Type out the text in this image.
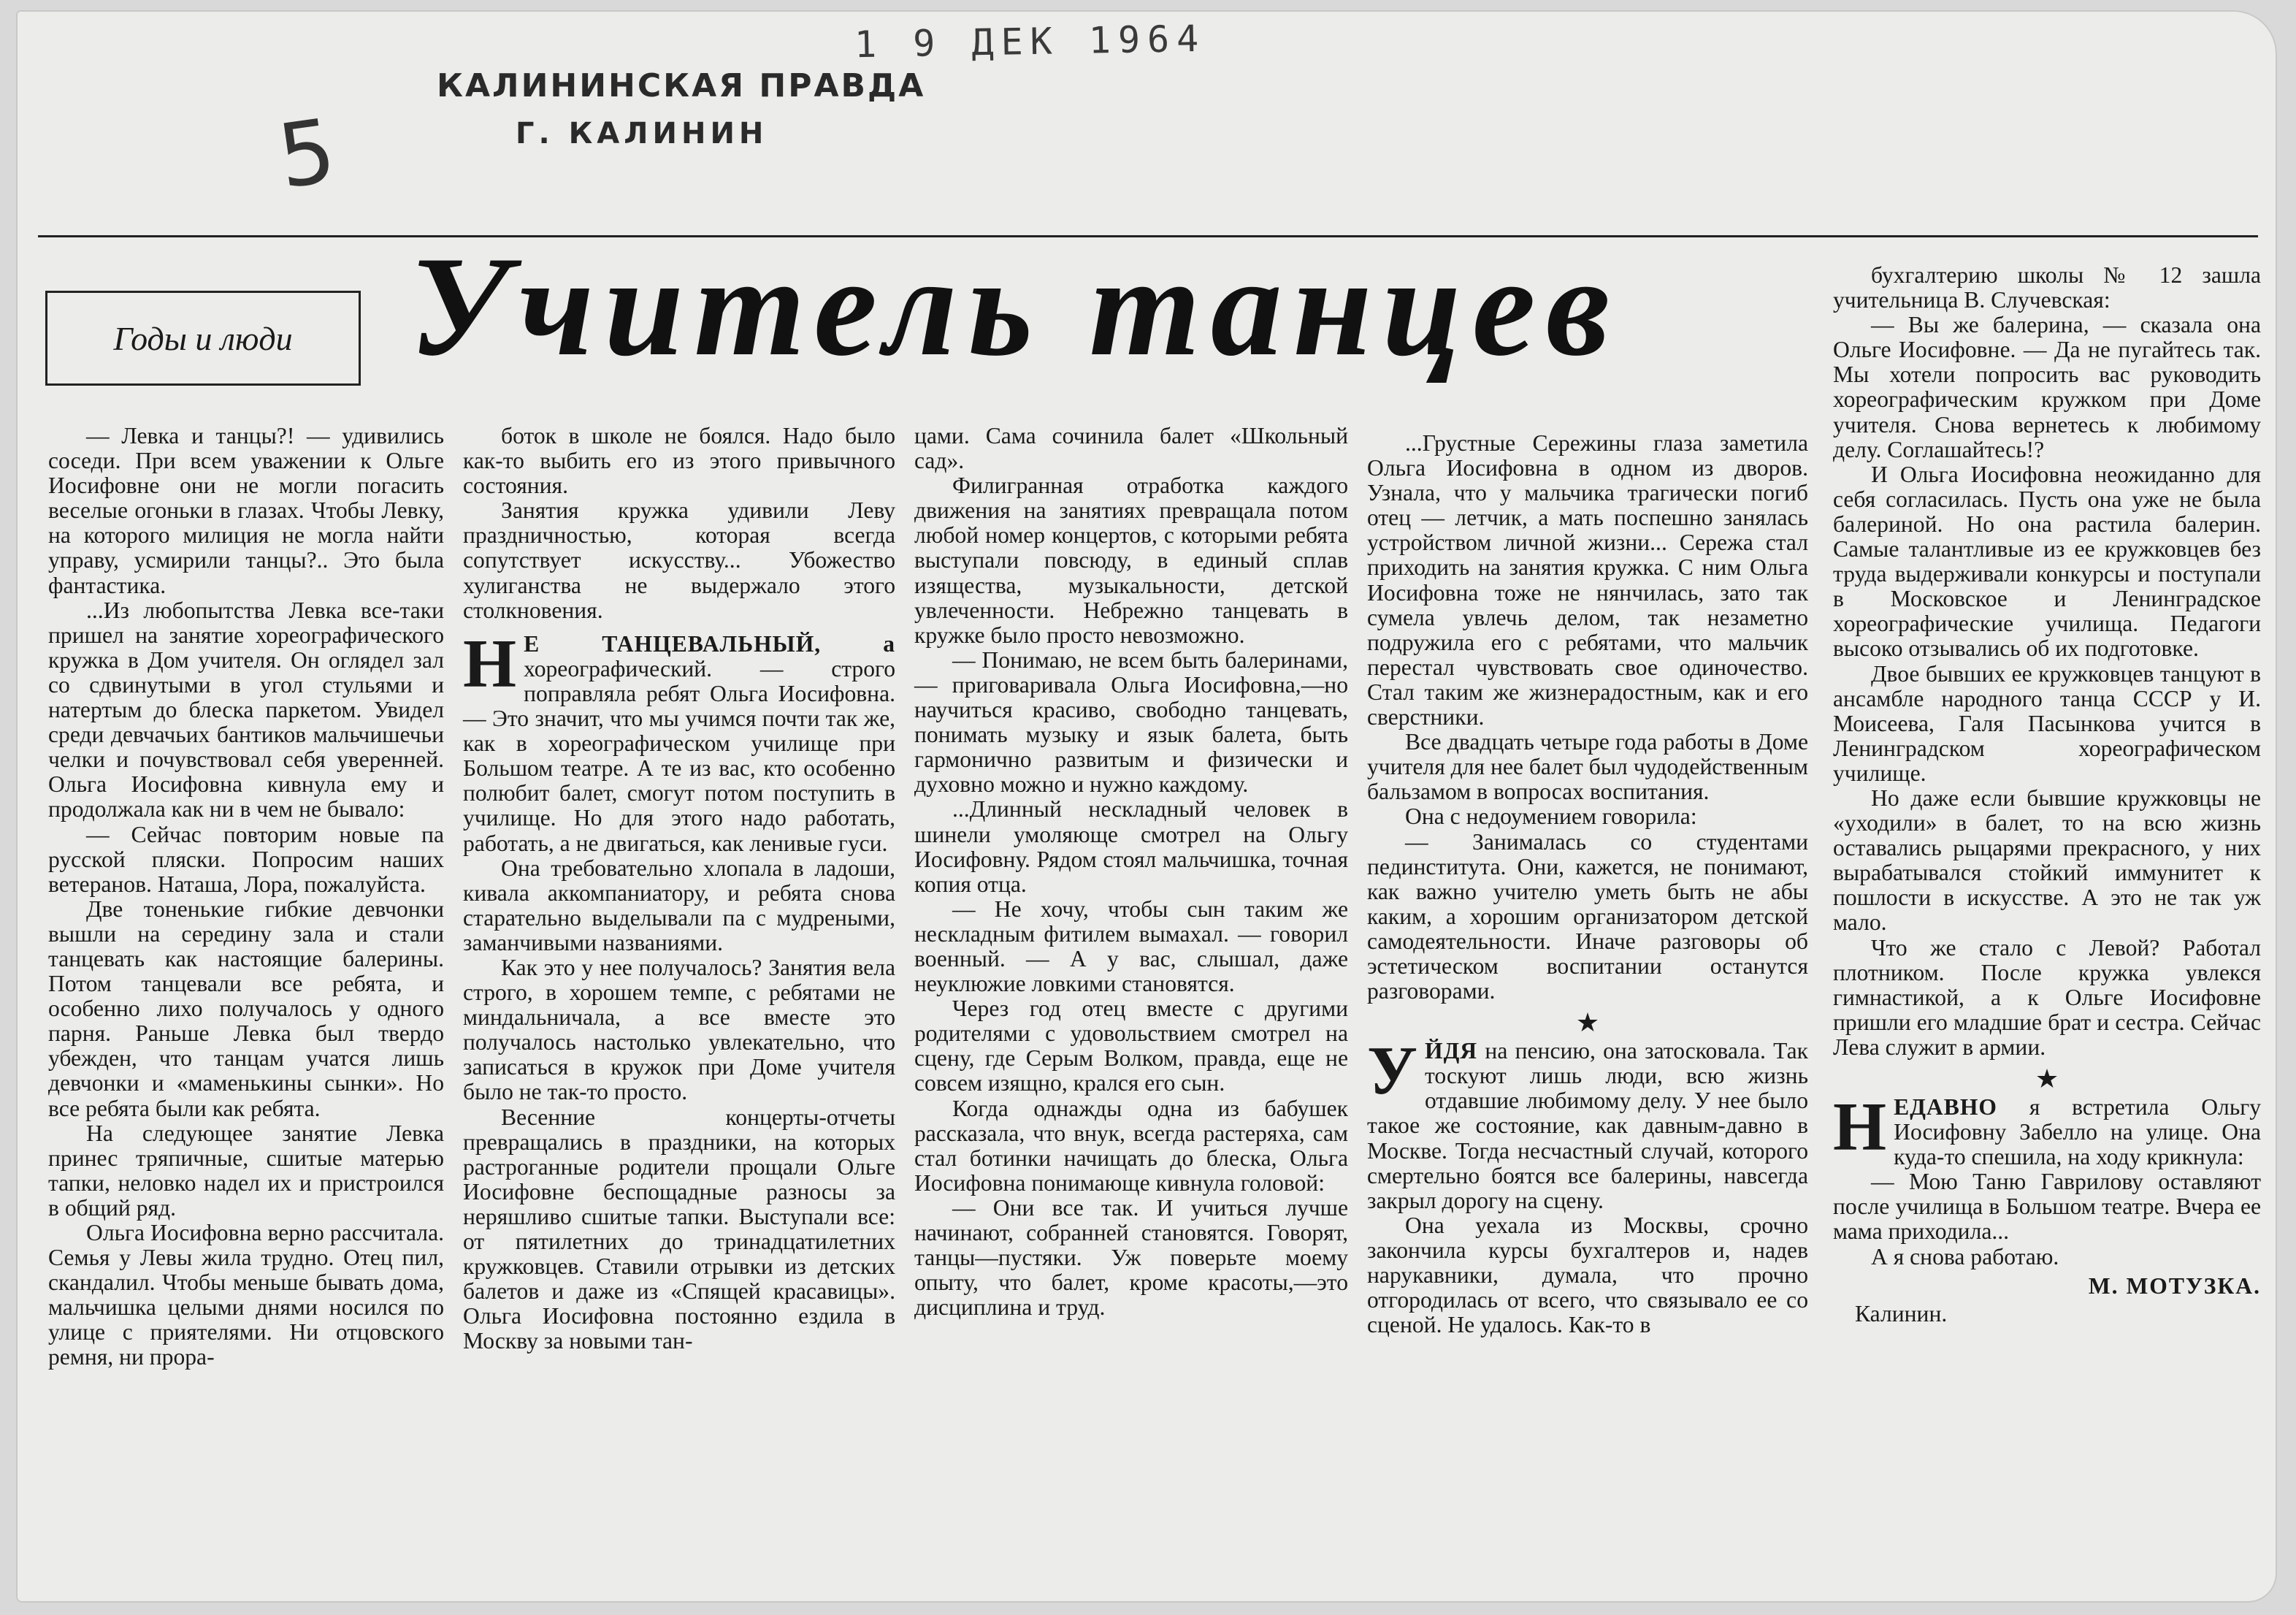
1 9 ДЕК 1964
КАЛИНИНСКАЯ ПРАВДА
Г. КАЛИНИН
5
Годы и люди Учитель танцев

— Левка и танцы?! — удивились соседи. При всем уважении к Ольге Иосифовне они не могли погасить веселые огоньки в глазах. Чтобы Левку, на которого милиция не могла найти управу, усмирили танцы?.. Это была фантастика.

...Из любопытства Левка все-таки пришел на занятие хореографического кружка в Дом учителя. Он оглядел зал со сдвинутыми в угол стульями и натертым до блеска паркетом. Увидел среди девчачьих бантиков мальчишечьи челки и почувствовал себя уверенней. Ольга Иосифовна кивнула ему и продолжала как ни в чем не бывало:

— Сейчас повторим новые па русской пляски. Попросим наших ветеранов. Наташа, Лора, пожалуйста.

Две тоненькие гибкие девчонки вышли на середину зала и стали танцевать как настоящие балерины. Потом танцевали все ребята, и особенно лихо получалось у одного парня. Раньше Левка был твердо убежден, что танцам учатся лишь девчонки и «маменькины сынки». Но все ребята были как ребята.

На следующее занятие Левка принес тряпичные, сшитые матерью тапки, неловко надел их и пристроился в общий ряд.

Ольга Иосифовна верно рассчитала. Семья у Левы жила трудно. Отец пил, скандалил. Чтобы меньше бывать дома, мальчишка целыми днями носился по улице с приятелями. Ни отцовского ремня, ни прора-

боток в школе не боялся. Надо было как-то выбить его из этого привычного состояния.

Занятия кружка удивили Леву праздничностью, которая всегда сопутствует искусству... Убожество хулиганства не выдержало этого столкновения.

Н Е ТАНЦЕВАЛЬНЫЙ, а хореографический. — строго поправляла ребят Ольга Иосифовна. — Это значит, что мы учимся почти так же, как в хореографическом училище при Большом театре. А те из вас, кто особенно полюбит балет, смогут потом поступить в училище. Но для этого надо работать, работать, а не двигаться, как ленивые гуси.

Она требовательно хлопала в ладоши, кивала аккомпаниатору, и ребята снова старательно выделывали па с мудреными, заманчивыми названиями.

Как это у нее получалось? Занятия вела строго, в хорошем темпе, с ребятами не миндальничала, а все вместе это получалось настолько увлекательно, что записаться в кружок при Доме учителя было не так-то просто.

Весенние концерты-отчеты превращались в праздники, на которых растроганные родители прощали Ольге Иосифовне беспощадные разносы за неряшливо сшитые тапки. Выступали все: от пятилетних до тринадцатилетних кружковцев. Ставили отрывки из детских балетов и даже из «Спящей красавицы». Ольга Иосифовна постоянно ездила в Москву за новыми тан-

цами. Сама сочинила балет «Школьный сад».

Филигранная отработка каждого движения на занятиях превращала потом любой номер концертов, с которыми ребята выступали повсюду, в единый сплав изящества, музыкальности, детской увлеченности. Небрежно танцевать в кружке было просто невозможно.

— Понимаю, не всем быть балеринами, — приговаривала Ольга Иосифовна,—но научиться красиво, свободно танцевать, понимать музыку и язык балета, быть гармонично развитым и физически и духовно можно и нужно каждому.

...Длинный нескладный человек в шинели умоляюще смотрел на Ольгу Иосифовну. Рядом стоял мальчишка, точная копия отца.

— Не хочу, чтобы сын таким же нескладным фитилем вымахал. — говорил военный. — А у вас, слышал, даже неуклюжие ловкими становятся.

Через год отец вместе с другими родителями с удовольствием смотрел на сцену, где Серым Волком, правда, еще не совсем изящно, крался его сын.

Когда однажды одна из бабушек рассказала, что внук, всегда растеряха, сам стал ботинки начищать до блеска, Ольга Иосифовна понимающе кивнула головой:

— Они все так. И учиться лучше начинают, собранней становятся. Говорят, танцы—пустяки. Уж поверьте моему опыту, что балет, кроме красоты,—это дисциплина и труд.

...Грустные Сережины глаза заметила Ольга Иосифовна в одном из дворов. Узнала, что у мальчика трагически погиб отец — летчик, а мать поспешно занялась устройством личной жизни... Сережа стал приходить на занятия кружка. С ним Ольга Иосифовна тоже не нянчилась, зато так сумела увлечь делом, так незаметно подружила его с ребятами, что мальчик перестал чувствовать свое одиночество. Стал таким же жизнерадостным, как и его сверстники.

Все двадцать четыре года работы в Доме учителя для нее балет был чудодейственным бальзамом в вопросах воспитания.

Она с недоумением говорила:

— Занималась со студентами пединститута. Они, кажется, не понимают, как важно учителю уметь быть не абы каким, а хорошим организатором детской самодеятельности. Иначе разговоры об эстетическом воспитании останутся разговорами.

★

УЙДЯ на пенсию, она затосковала. Так тоскуют лишь люди, всю жизнь отдавшие любимому делу. У нее было такое же состояние, как давным-давно в Москве. Тогда несчастный случай, которого смертельно боятся все балерины, навсегда закрыл дорогу на сцену.

Она уехала из Москвы, срочно закончила курсы бухгалтеров и, надев нарукавники, думала, что прочно отгородилась от всего, что связывало ее со сценой. Не удалось. Как-то в

бухгалтерию школы № 12 зашла учительница В. Случевская:

— Вы же балерина, — сказала она Ольге Иосифовне. — Да не пугайтесь так. Мы хотели попросить вас руководить хореографическим кружком при Доме учителя. Снова вернетесь к любимому делу. Соглашайтесь!?

И Ольга Иосифовна неожиданно для себя согласилась. Пусть она уже не была балериной. Но она растила балерин. Самые талантливые из ее кружковцев без труда выдерживали конкурсы и поступали в Московское и Ленинградское хореографические училища. Педагоги высоко отзывались об их подготовке.

Двое бывших ее кружковцев танцуют в ансамбле народного танца СССР у И. Моисеева, Галя Пасынкова учится в Ленинградском хореографическом училище.

Но даже если бывшие кружковцы не «уходили» в балет, то на всю жизнь оставались рыцарями прекрасного, у них вырабатывался стойкий иммунитет к пошлости в искусстве. А это не так уж мало.

Что же стало с Левой? Работал плотником. После кружка увлекся гимнастикой, а к Ольге Иосифовне пришли его младшие брат и сестра. Сейчас Лева служит в армии.

★

НЕДАВНО я встретила Ольгу Иосифовну Забелло на улице. Она куда-то спешила, на ходу крикнула:

— Мою Таню Гаврилову оставляют после училища в Большом театре. Вчера ее мама приходила...

А я снова работаю.

М. МОТУЗКА.
Калинин.
